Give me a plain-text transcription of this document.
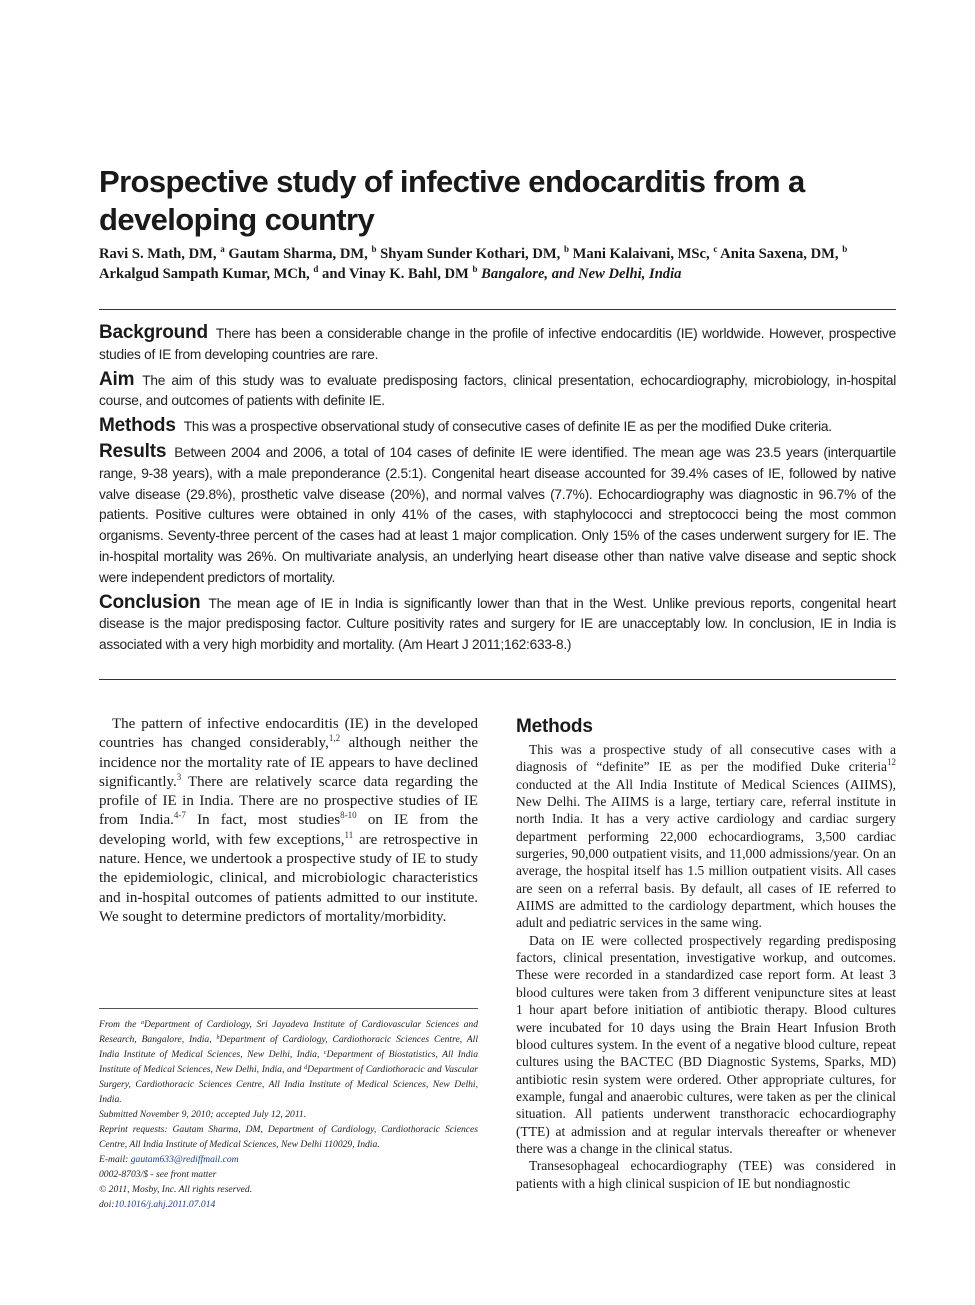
Prospective study of infective endocarditis from a developing country

Ravi S. Math, DM, $^a$ Gautam Sharma, DM, $^b$ Shyam Sunder Kothari, DM, $^b$ Mani Kalaivani, MSc, $^c$ Anita Saxena, DM, $^b$ Arkalgud Sampath Kumar, MCh, $^d$ and Vinay K. Bahl, DM $^b$ Bangalore, and New Delhi, India

Background There has been a considerable change in the profile of infective endocarditis (IE) worldwide. However, prospective studies of IE from developing countries are rare.

Aim The aim of this study was to evaluate predisposing factors, clinical presentation, echocardiography, microbiology, in-hospital course, and outcomes of patients with definite IE.

Methods This was a prospective observational study of consecutive cases of definite IE as per the modified Duke criteria.

Results Between 2004 and 2006, a total of 104 cases of definite IE were identified. The mean age was 23.5 years (interquartile range, 9-38 years), with a male preponderance (2.5:1). Congenital heart disease accounted for 39.4% cases of IE, followed by native valve disease (29.8%), prosthetic valve disease (20%), and normal valves (7.7%). Echocardiography was diagnostic in 96.7% of the patients. Positive cultures were obtained in only 41% of the cases, with staphylococci and streptococci being the most common organisms. Seventy-three percent of the cases had at least 1 major complication. Only 15% of the cases underwent surgery for IE. The in-hospital mortality was 26%. On multivariate analysis, an underlying heart disease other than native valve disease and septic shock were independent predictors of mortality.

Conclusion The mean age of IE in India is significantly lower than that in the West. Unlike previous reports, congenital heart disease is the major predisposing factor. Culture positivity rates and surgery for IE are unacceptably low. In conclusion, IE in India is associated with a very high morbidity and mortality. (Am Heart J 2011;162:633-8.)

The pattern of infective endocarditis (IE) in the developed countries has changed considerably,$^{1,2}$ although neither the incidence nor the mortality rate of IE appears to have declined significantly.$^3$ There are relatively scarce data regarding the profile of IE in India. There are no prospective studies of IE from India.$^{4-7}$ In fact, most studies$^{8-10}$ on IE from the developing world, with few exceptions,$^{11}$ are retrospective in nature. Hence, we undertook a prospective study of IE to study the epidemiologic, clinical, and microbiologic characteristics and in-hospital outcomes of patients admitted to our institute. We sought to determine predictors of mortality/morbidity.

From the $^a$Department of Cardiology, Sri Jayadeva Institute of Cardiovascular Sciences and Research, Bangalore, India, $^b$Department of Cardiology, Cardiothoracic Sciences Centre, All India Institute of Medical Sciences, New Delhi, India, $^c$Department of Biostatistics, All India Institute of Medical Sciences, New Delhi, India, and $^d$Department of Cardiothoracic and Vascular Surgery, Cardiothoracic Sciences Centre, All India Institute of Medical Sciences, New Delhi, India.

Submitted November 9, 2010; accepted July 12, 2011.

Reprint requests: Gautam Sharma, DM, Department of Cardiology, Cardiothoracic Sciences Centre, All India Institute of Medical Sciences, New Delhi 110029, India.

E-mail: gautam633@rediffmail.com

0002-8703/$ - see front matter

© 2011, Mosby, Inc. All rights reserved.

doi:10.1016/j.ahj.2011.07.014

Methods

This was a prospective study of all consecutive cases with a diagnosis of “definite” IE as per the modified Duke criteria$^{12}$ conducted at the All India Institute of Medical Sciences (AIIMS), New Delhi. The AIIMS is a large, tertiary care, referral institute in north India. It has a very active cardiology and cardiac surgery department performing 22,000 echocardiograms, 3,500 cardiac surgeries, 90,000 outpatient visits, and 11,000 admissions/year. On an average, the hospital itself has 1.5 million outpatient visits. All cases are seen on a referral basis. By default, all cases of IE referred to AIIMS are admitted to the cardiology department, which houses the adult and pediatric services in the same wing.

Data on IE were collected prospectively regarding predisposing factors, clinical presentation, investigative workup, and outcomes. These were recorded in a standardized case report form. At least 3 blood cultures were taken from 3 different venipuncture sites at least 1 hour apart before initiation of antibiotic therapy. Blood cultures were incubated for 10 days using the Brain Heart Infusion Broth blood cultures system. In the event of a negative blood culture, repeat cultures using the BACTEC (BD Diagnostic Systems, Sparks, MD) antibiotic resin system were ordered. Other appropriate cultures, for example, fungal and anaerobic cultures, were taken as per the clinical situation. All patients underwent transthoracic echocardiography (TTE) at admission and at regular intervals thereafter or whenever there was a change in the clinical status.

Transesophageal echocardiography (TEE) was considered in patients with a high clinical suspicion of IE but nondiagnostic
